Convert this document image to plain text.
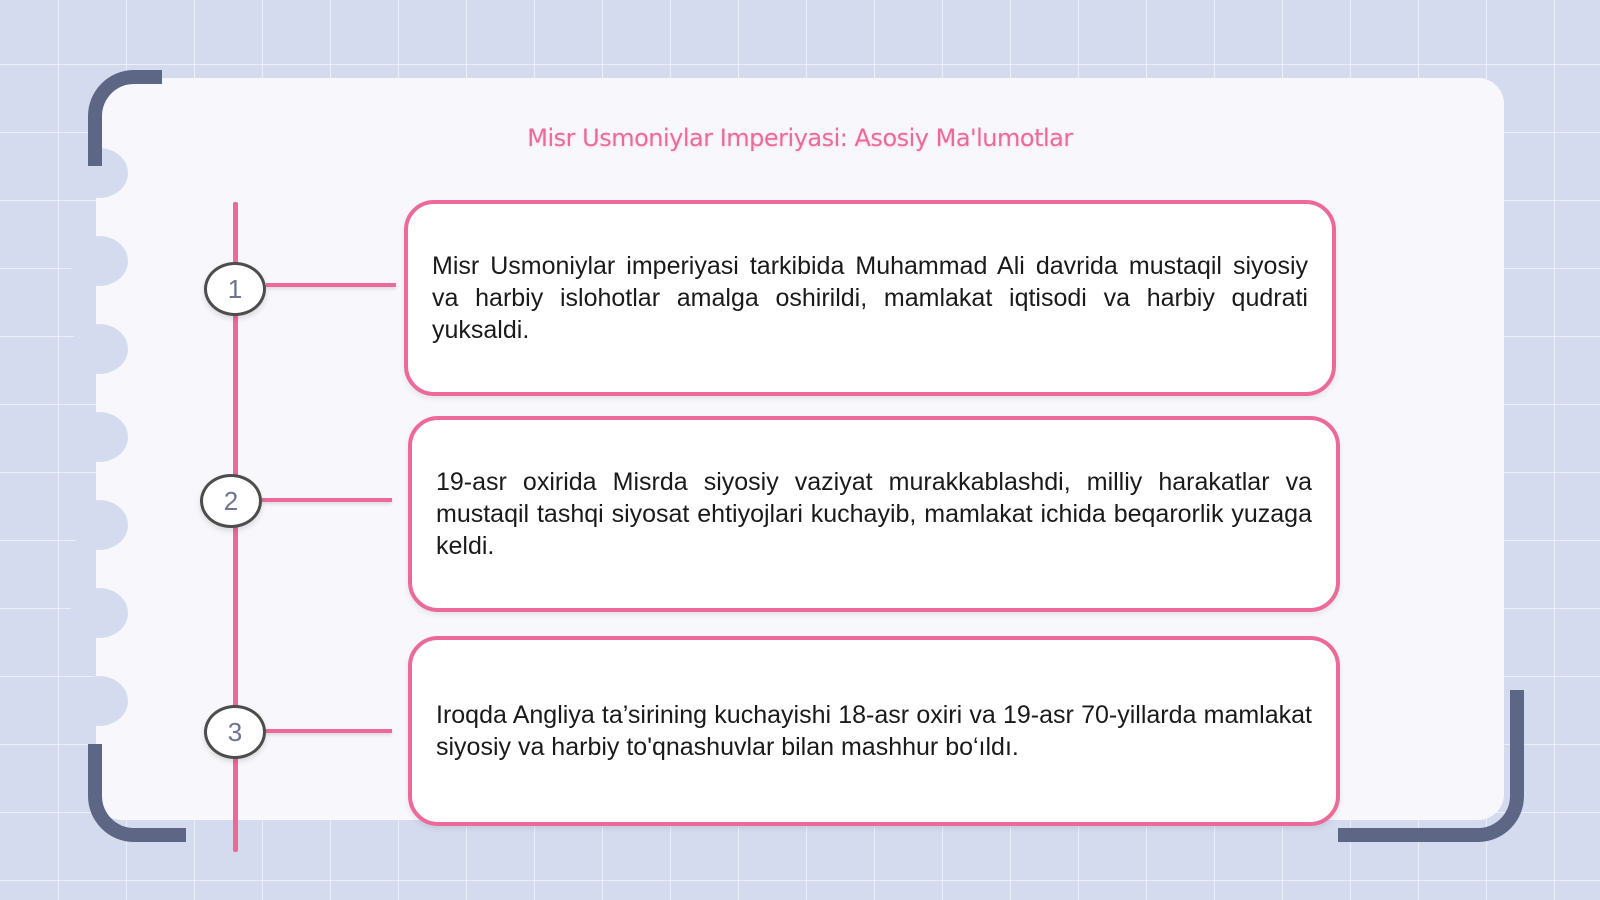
Misr Usmoniylar Imperiyasi: Asosiy Ma'lumotlar
1
2
3

Misr Usmoniylar imperiyasi tarkibida Muhammad Ali davrida mustaqil siyosiy va harbiy islohotlar amalga oshirildi, mamlakat iqtisodi va harbiy qudrati yuksaldi.

19-asr oxirida Misrda siyosiy vaziyat murakkablashdi, milliy harakatlar va mustaqil tashqi siyosat ehtiyojlari kuchayib, mamlakat ichida beqarorlik yuzaga keldi.

Iroqda Angliya ta’sirining kuchayishi 18-asr oxiri va 19-asr 70-yillarda mamlakat siyosiy va harbiy to'qnashuvlar bilan mashhur bo‘ıldı.
